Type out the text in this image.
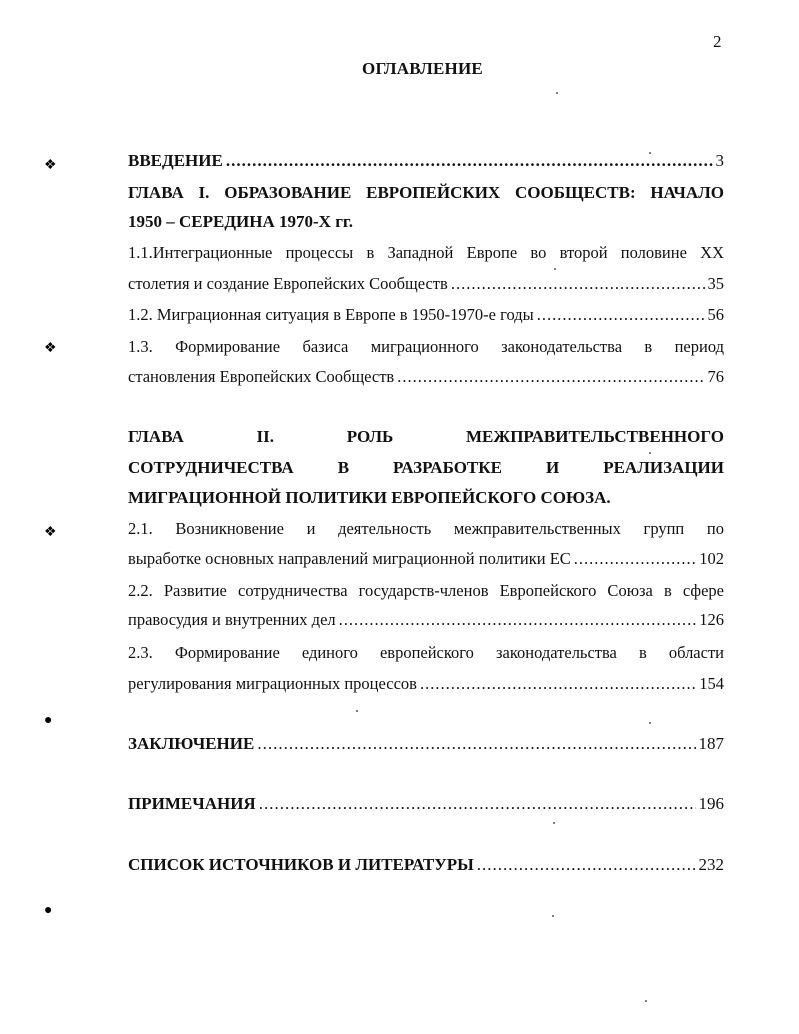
2
ОГЛАВЛЕНИЕ
❖
❖
❖
●
●
ВВЕДЕНИЕ .....	3
ГЛАВА I. ОБРАЗОВАНИЕ ЕВРОПЕЙСКИХ СООБЩЕСТВ: НАЧАЛО
1950 – СЕРЕДИНА 1970-Х гг.
1.1.Интеграционные процессы в Западной Европе во второй половине XX
столетия и создание Европейских Сообществ .....	35
1.2. Миграционная ситуация в Европе в 1950-1970-е годы .....	56
1.3. Формирование базиса миграционного законодательства в период
становления Европейских Сообществ .....	76
ГЛАВА II. РОЛЬ МЕЖПРАВИТЕЛЬСТВЕННОГО
СОТРУДНИЧЕСТВА В РАЗРАБОТКЕ И РЕАЛИЗАЦИИ
МИГРАЦИОННОЙ ПОЛИТИКИ ЕВРОПЕЙСКОГО СОЮЗА.
2.1. Возникновение и деятельность межправительственных групп по
выработке основных направлений миграционной политики ЕС .....	102
2.2. Развитие сотрудничества государств-членов Европейского Союза в сфере
правосудия и внутренних дел .....	126
2.3. Формирование единого европейского законодательства в области
регулирования миграционных процессов .....	154
ЗАКЛЮЧЕНИЕ .....	187
ПРИМЕЧАНИЯ .....	196
СПИСОК ИСТОЧНИКОВ И ЛИТЕРАТУРЫ .....	232
